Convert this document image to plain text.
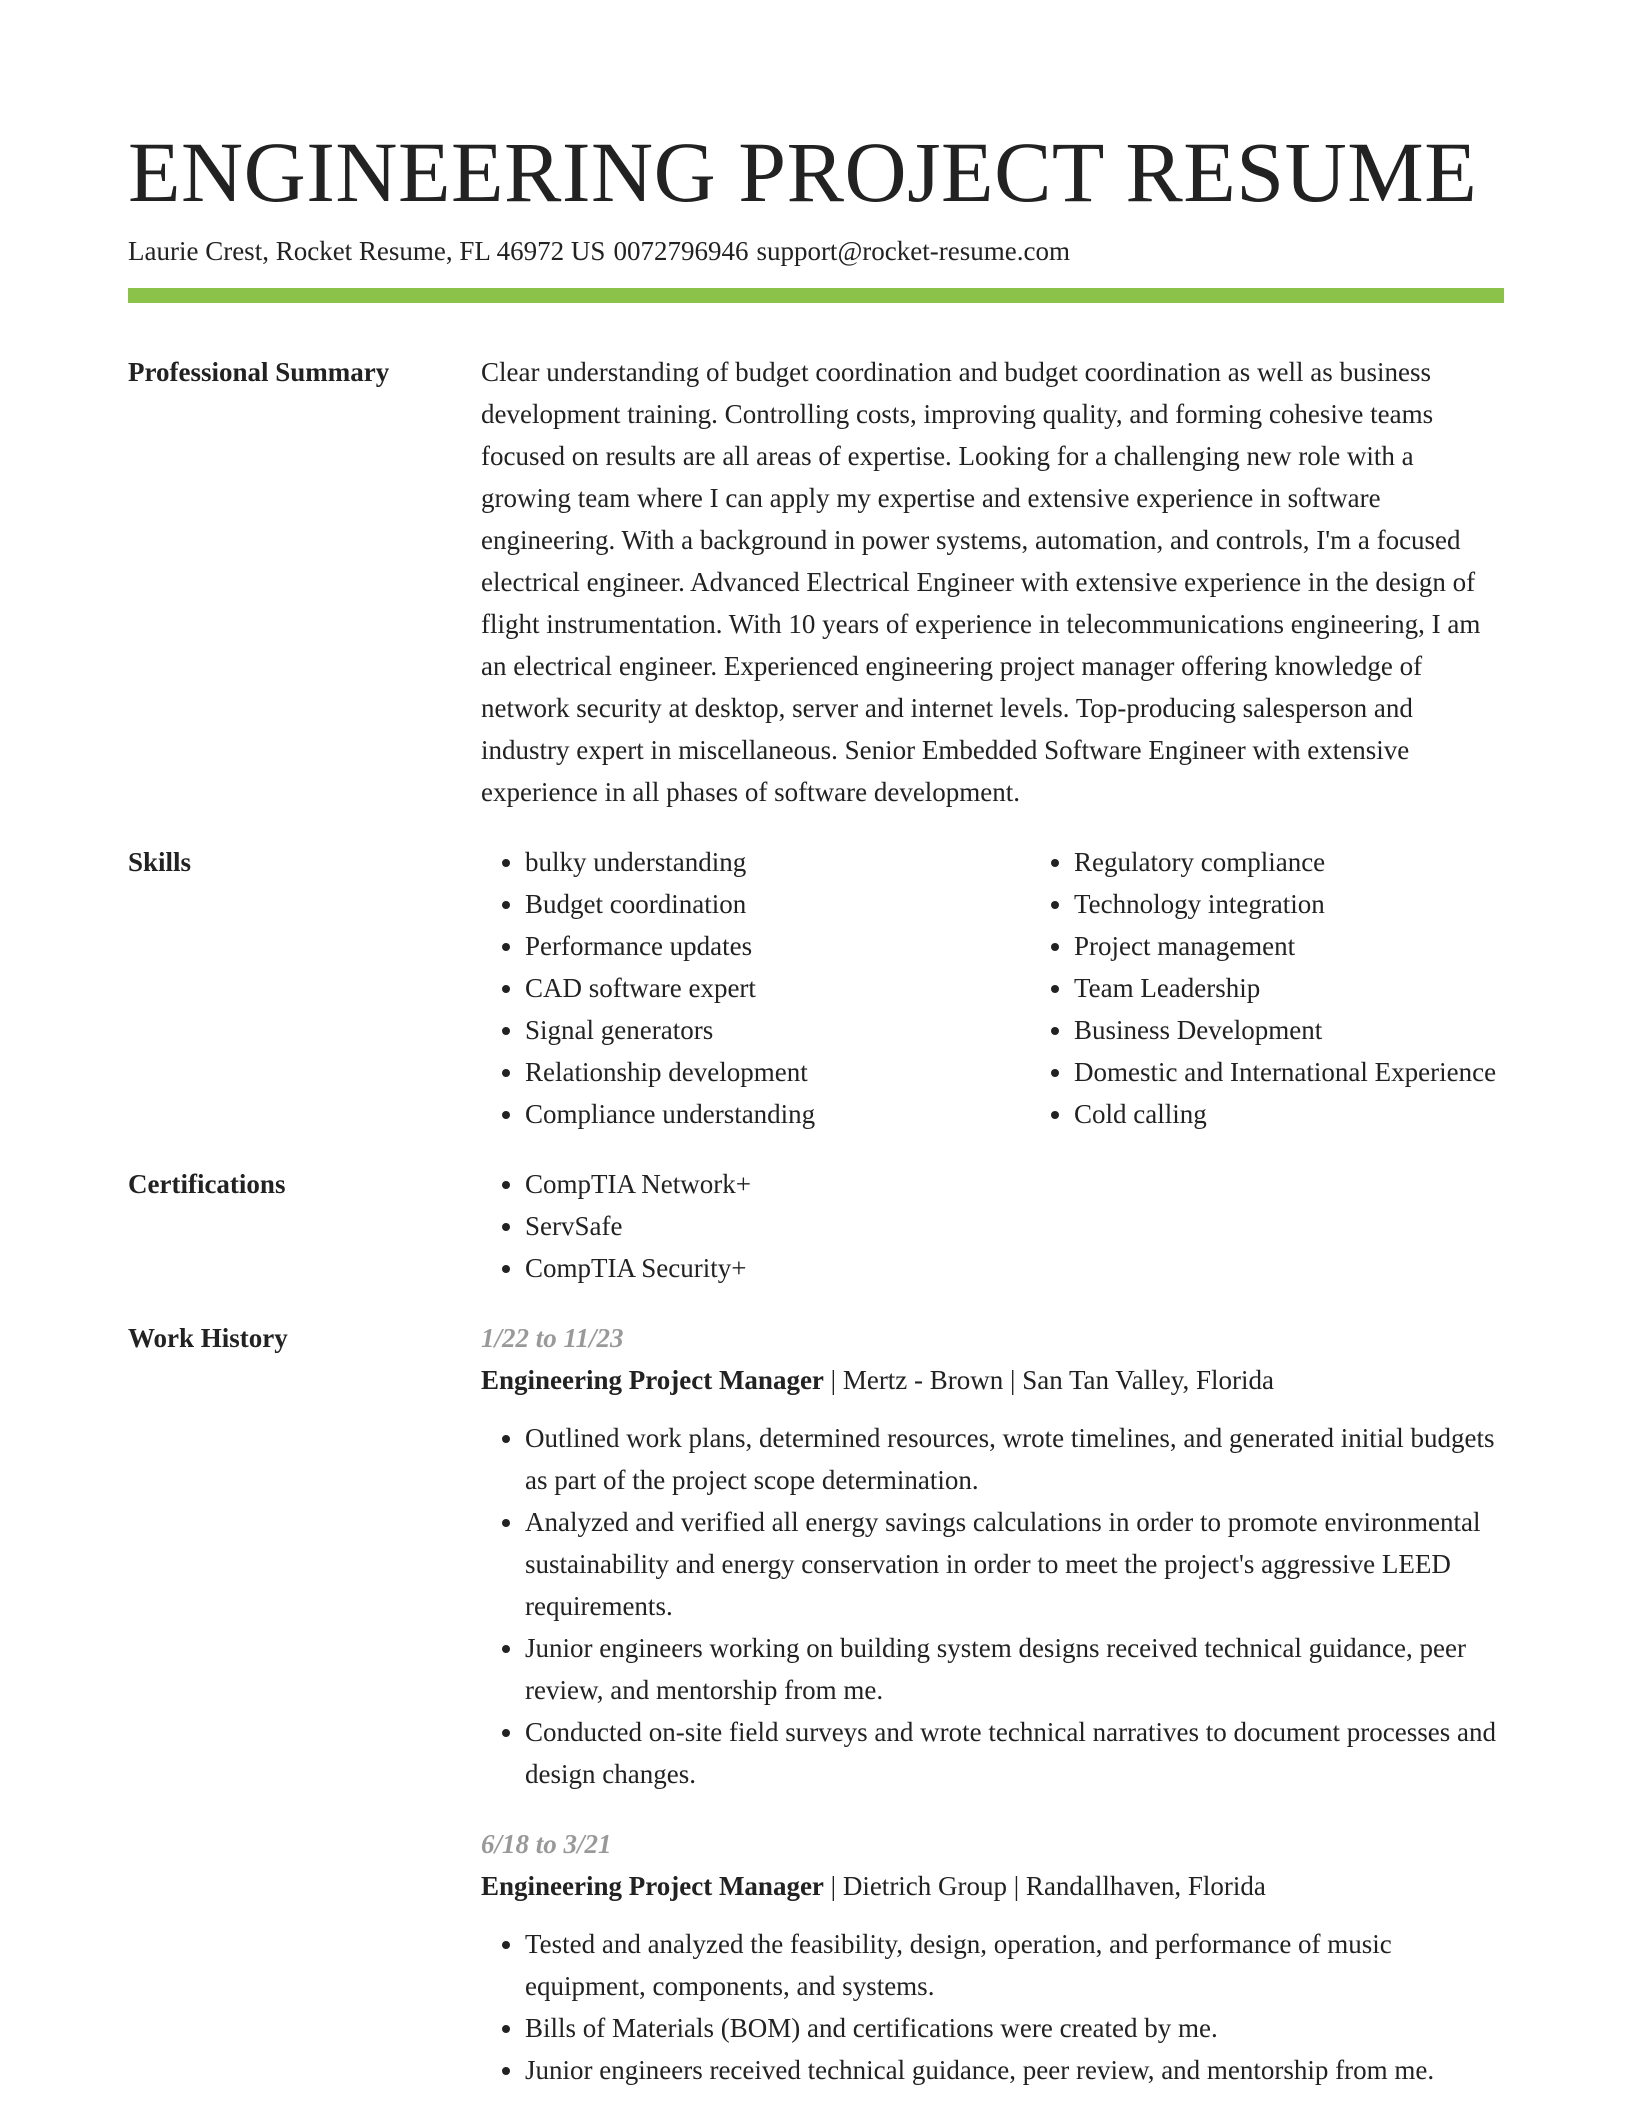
ENGINEERING PROJECT RESUME
Laurie Crest, Rocket Resume, FL 46972 US 0072796946 support@rocket-resume.com
Professional Summary	Clear understanding of budget coordination and budget coordination as well as business development training. Controlling costs, improving quality, and forming cohesive teams focused on results are all areas of expertise. Looking for a challenging new role with a growing team where I can apply my expertise and extensive experience in software engineering. With a background in power systems, automation, and controls, I'm a focused electrical engineer. Advanced Electrical Engineer with extensive experience in the design of flight instrumentation. With 10 years of experience in telecommunications engineering, I am an electrical engineer. Experienced engineering project manager offering knowledge of network security at desktop, server and internet levels. Top-producing salesperson and industry expert in miscellaneous. Senior Embedded Software Engineer with extensive experience in all phases of software development.

Skills	• bulky understanding
• Budget coordination
• Performance updates
• CAD software expert
• Signal generators
• Relationship development
• Compliance understanding
• Regulatory compliance
• Technology integration
• Project management
• Team Leadership
• Business Development
• Domestic and International Experience
• Cold calling
Certifications	• CompTIA Network+
• ServSafe
• CompTIA Security+
Work History	1/22 to 11/23
Engineering Project Manager | Mertz - Brown | San Tan Valley, Florida
• Outlined work plans, determined resources, wrote timelines, and generated initial budgets as part of the project scope determination.
• Analyzed and verified all energy savings calculations in order to promote environmental sustainability and energy conservation in order to meet the project's aggressive LEED requirements.
• Junior engineers working on building system designs received technical guidance, peer review, and mentorship from me.
• Conducted on-site field surveys and wrote technical narratives to document processes and design changes.
6/18 to 3/21
Engineering Project Manager | Dietrich Group | Randallhaven, Florida
• Tested and analyzed the feasibility, design, operation, and performance of music equipment, components, and systems.
• Bills of Materials (BOM) and certifications were created by me.
• Junior engineers received technical guidance, peer review, and mentorship from me.
